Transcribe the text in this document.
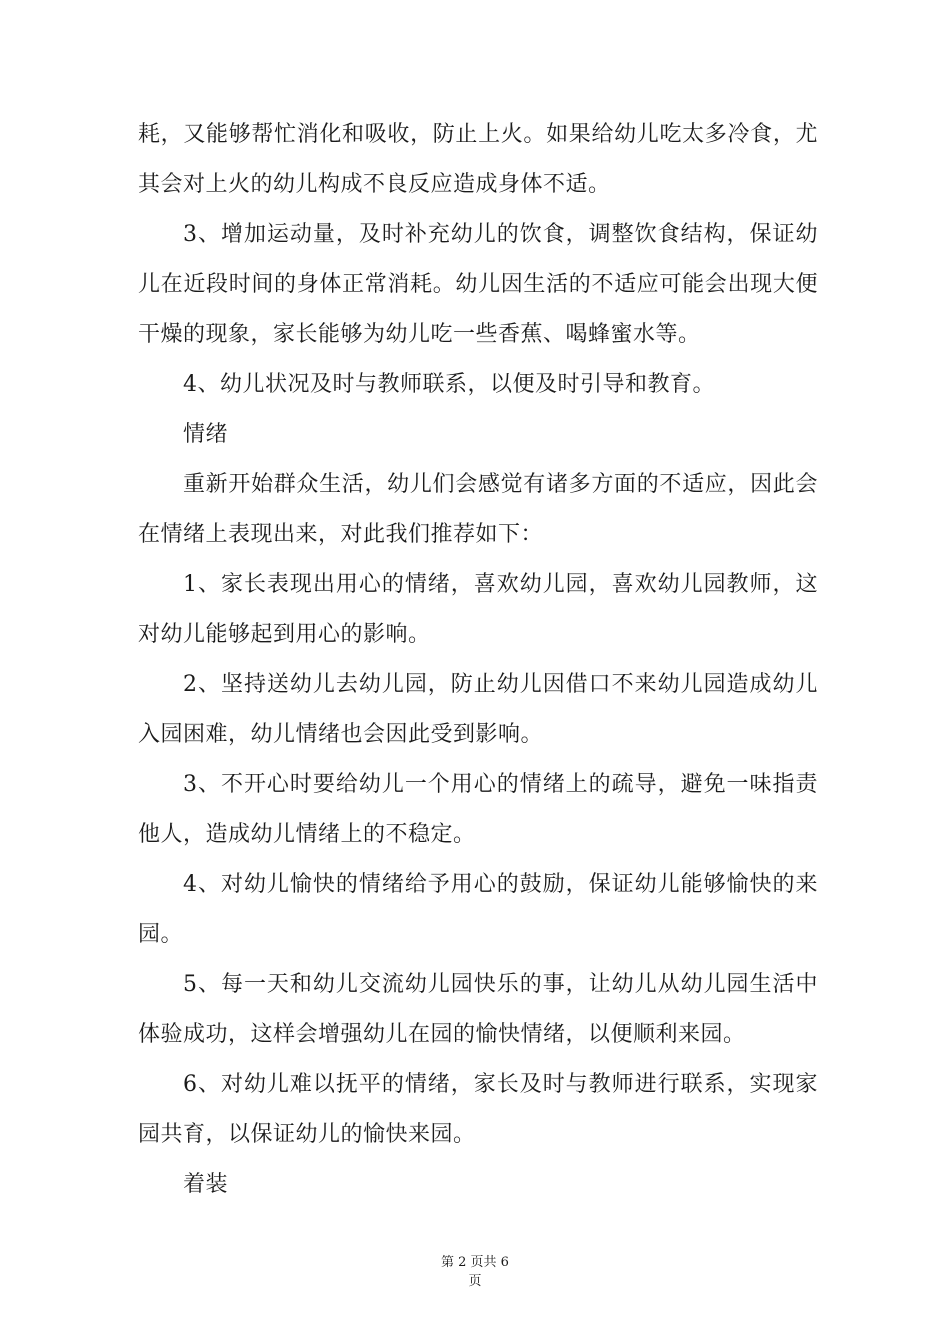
耗，又能够帮忙消化和吸收，防止上火。如果给幼儿吃太多冷食，尤其会对上火的幼儿构成不良反应造成身体不适。

3、增加运动量，及时补充幼儿的饮食，调整饮食结构，保证幼儿在近段时间的身体正常消耗。幼儿因生活的不适应可能会出现大便干燥的现象，家长能够为幼儿吃一些香蕉、喝蜂蜜水等。

4、幼儿状况及时与教师联系，以便及时引导和教育。

情绪

重新开始群众生活，幼儿们会感觉有诸多方面的不适应，因此会在情绪上表现出来，对此我们推荐如下：

1、家长表现出用心的情绪，喜欢幼儿园，喜欢幼儿园教师，这对幼儿能够起到用心的影响。

2、坚持送幼儿去幼儿园，防止幼儿因借口不来幼儿园造成幼儿入园困难，幼儿情绪也会因此受到影响。

3、不开心时要给幼儿一个用心的情绪上的疏导，避免一味指责他人，造成幼儿情绪上的不稳定。

4、对幼儿愉快的情绪给予用心的鼓励，保证幼儿能够愉快的来园。

5、每一天和幼儿交流幼儿园快乐的事，让幼儿从幼儿园生活中体验成功，这样会增强幼儿在园的愉快情绪，以便顺利来园。

6、对幼儿难以抚平的情绪，家长及时与教师进行联系，实现家园共育，以保证幼儿的愉快来园。

着装

第 2 页共 6
页
